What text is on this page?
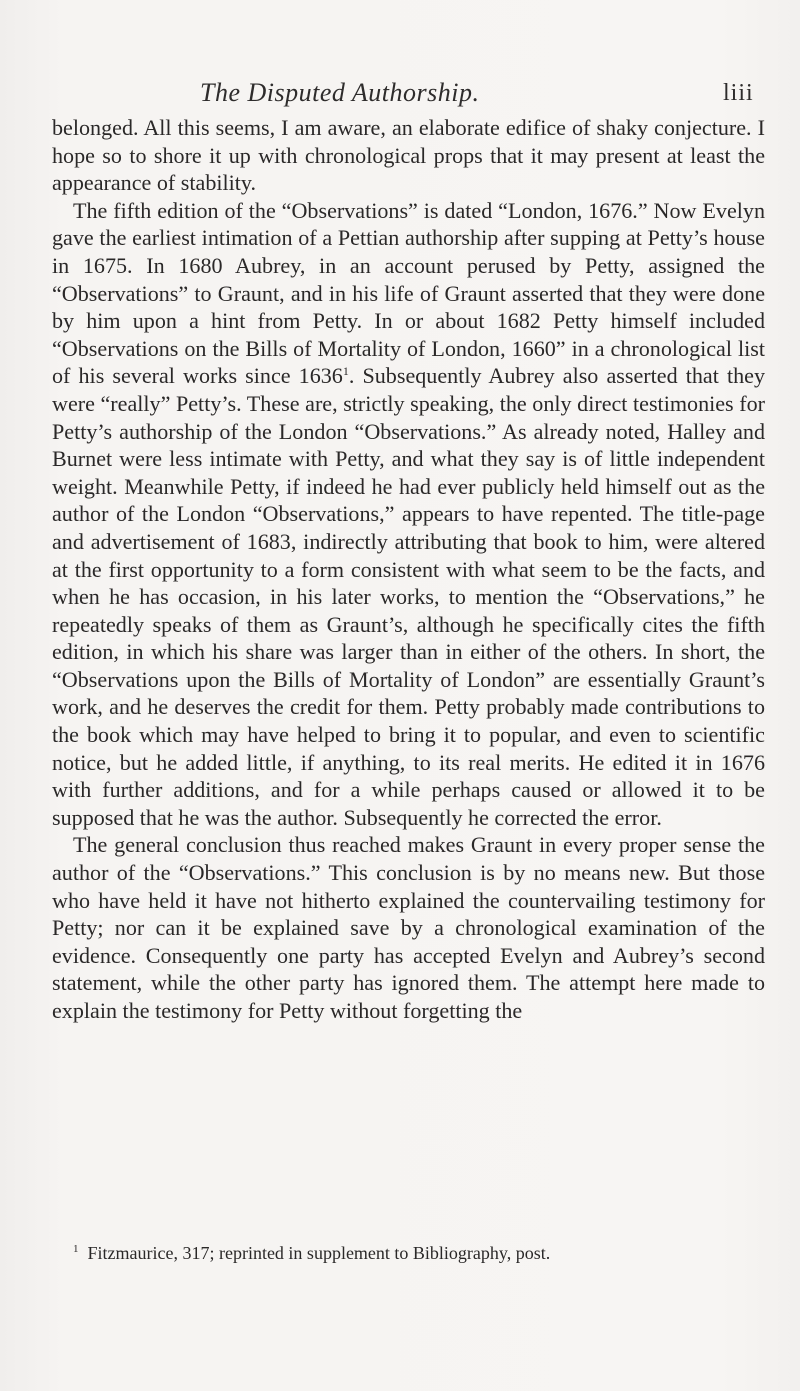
The Disputed Authorship.	liii

belonged. All this seems, I am aware, an elaborate edifice of shaky conjecture. I hope so to shore it up with chronological props that it may present at least the appearance of stability.

The fifth edition of the “Observations” is dated “London, 1676.” Now Evelyn gave the earliest intimation of a Pettian authorship after supping at Petty’s house in 1675. In 1680 Aubrey, in an account perused by Petty, assigned the “Observations” to Graunt, and in his life of Graunt asserted that they were done by him upon a hint from Petty. In or about 1682 Petty himself included “Observations on the Bills of Mortality of London, 1660” in a chronological list of his several works since 1636$^1$. Subsequently Aubrey also asserted that they were “really” Petty’s. These are, strictly speaking, the only direct testimonies for Petty’s authorship of the London “Observations.” As already noted, Halley and Burnet were less intimate with Petty, and what they say is of little independent weight. Meanwhile Petty, if indeed he had ever publicly held himself out as the author of the London “Observations,” appears to have repented. The title-page and advertisement of 1683, indirectly attributing that book to him, were altered at the first opportunity to a form consistent with what seem to be the facts, and when he has occasion, in his later works, to mention the “Observations,” he repeatedly speaks of them as Graunt’s, although he specifically cites the fifth edition, in which his share was larger than in either of the others. In short, the “Observations upon the Bills of Mortality of London” are essentially Graunt’s work, and he deserves the credit for them. Petty probably made contributions to the book which may have helped to bring it to popular, and even to scientific notice, but he added little, if anything, to its real merits. He edited it in 1676 with further additions, and for a while perhaps caused or allowed it to be supposed that he was the author. Subsequently he corrected the error.

The general conclusion thus reached makes Graunt in every proper sense the author of the “Observations.” This conclusion is by no means new. But those who have held it have not hitherto explained the countervailing testimony for Petty; nor can it be explained save by a chronological examination of the evidence. Consequently one party has accepted Evelyn and Aubrey’s second statement, while the other party has ignored them. The attempt here made to explain the testimony for Petty without forgetting the

$^1$ Fitzmaurice, 317; reprinted in supplement to Bibliography, post.
